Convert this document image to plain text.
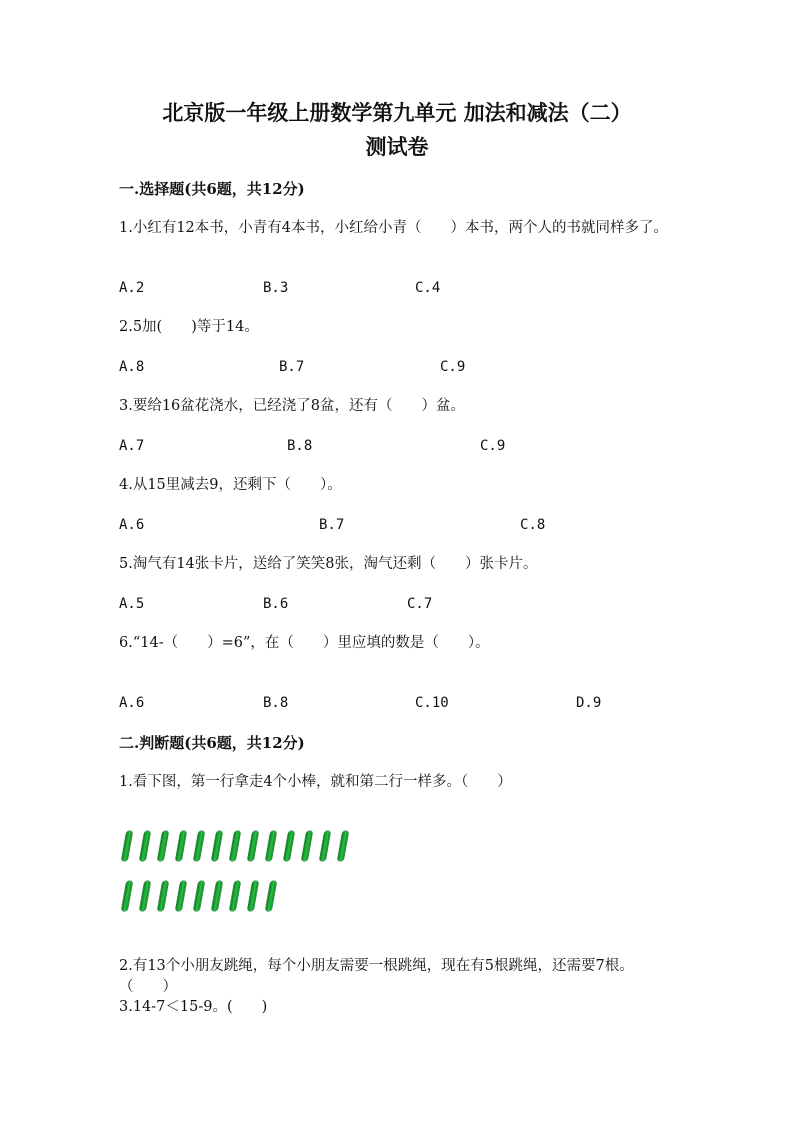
北京版一年级上册数学第九单元 加法和减法（二）
测试卷
一.选择题(共6题，共12分)
1.小红有12本书，小青有4本书，小红给小青（　　）本书，两个人的书就同样多了。
A.2	B.3	C.4
2.5加(　　)等于14。
A.8	B.7	C.9
3.要给16盆花浇水，已经浇了8盆，还有（　　）盆。
A.7	B.8	C.9
4.从15里减去9，还剩下（　　）。
A.6	B.7	C.8
5.淘气有14张卡片，送给了笑笑8张，淘气还剩（　　）张卡片。
A.5	B.6	C.7
6.“14-（　　）=6”，在（　　）里应填的数是（　　）。
A.6	B.8	C.10	D.9
二.判断题(共6题，共12分)
1.看下图，第一行拿走4个小棒，就和第二行一样多。（　　）
2.有13个小朋友跳绳，每个小朋友需要一根跳绳，现在有5根跳绳，还需要7根。（　　）
3.14-7＜15-9。(　　)
